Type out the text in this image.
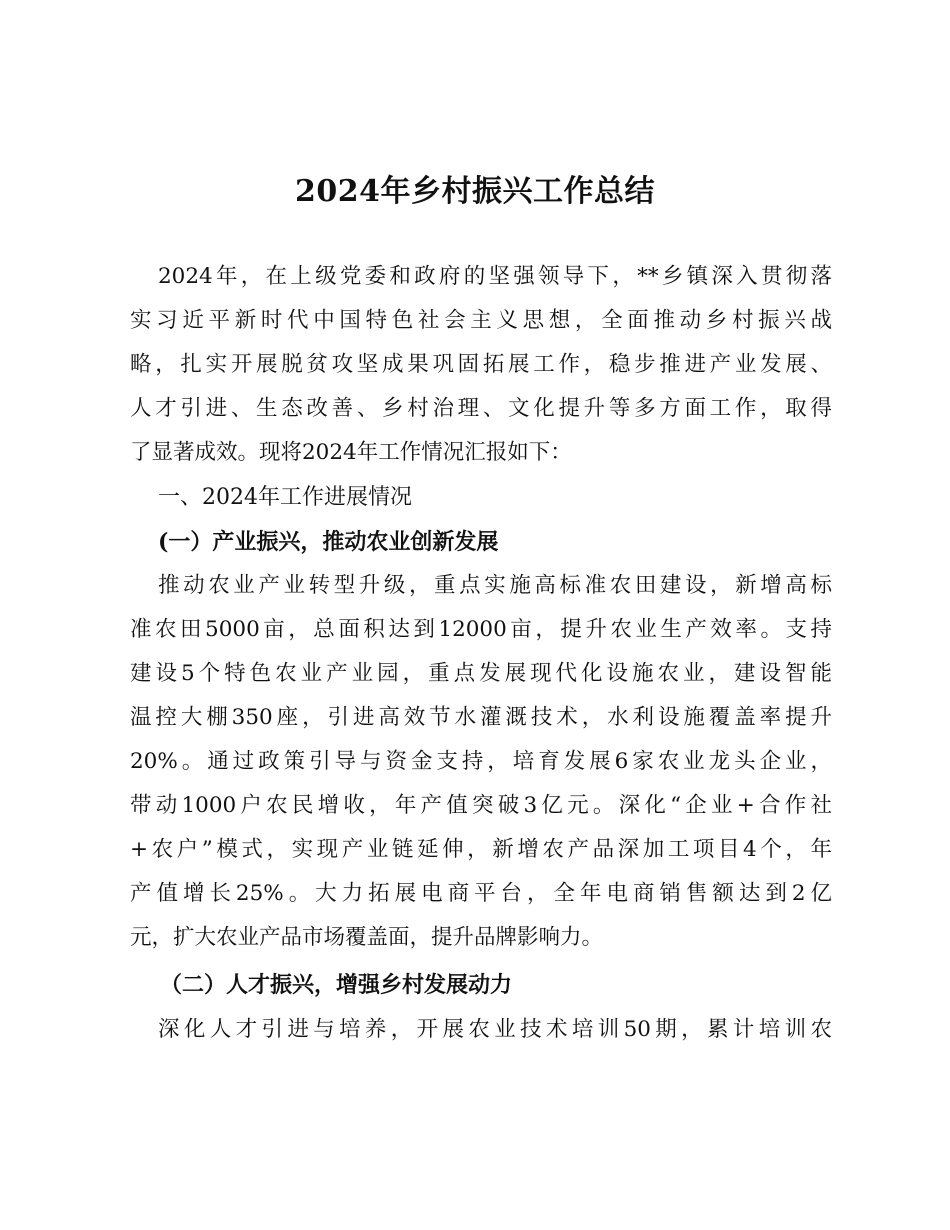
2024年乡村振兴工作总结
2024年，在上级党委和政府的坚强领导下，**乡镇深入贯彻落
实习近平新时代中国特色社会主义思想，全面推动乡村振兴战
略，扎实开展脱贫攻坚成果巩固拓展工作，稳步推进产业发展、
人才引进、生态改善、乡村治理、文化提升等多方面工作，取得
了显著成效。现将2024年工作情况汇报如下：
一、2024年工作进展情况
(一）产业振兴，推动农业创新发展
推动农业产业转型升级，重点实施高标准农田建设，新增高标
准农田5000亩，总面积达到12000亩，提升农业生产效率。支持
建设5个特色农业产业园，重点发展现代化设施农业，建设智能
温控大棚350座，引进高效节水灌溉技术，水利设施覆盖率提升
20%。通过政策引导与资金支持，培育发展6家农业龙头企业，
带动1000户农民增收，年产值突破3亿元。深化“企业+合作社
+农户”模式，实现产业链延伸，新增农产品深加工项目4个，年
产值增长25%。大力拓展电商平台，全年电商销售额达到2亿
元，扩大农业产品市场覆盖面，提升品牌影响力。
（二）人才振兴，增强乡村发展动力
深化人才引进与培养，开展农业技术培训50期，累计培训农
